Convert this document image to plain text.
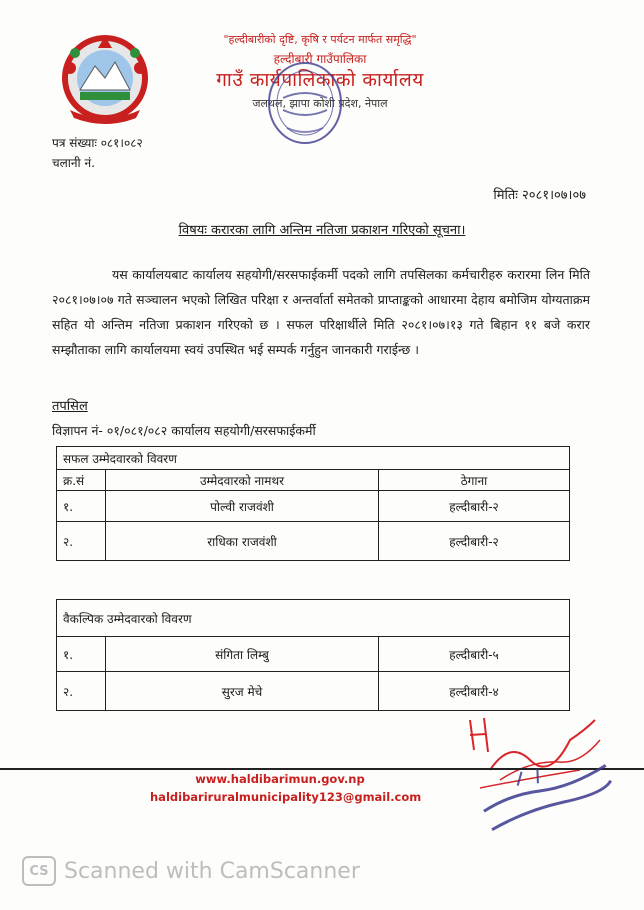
"हल्दीबारीको दृष्टि, कृषि र पर्यटन मार्फत समृद्धि"
हल्दीबारी गाउँपालिका
गाउँ कार्यपालिकाको कार्यालय
जलथल, झापा कोशी प्रदेश, नेपाल
पत्र संख्याः ०८१।०८२
चलानी नं.
मितिः २०८१।०७।०७
विषयः करारका लागि अन्तिम नतिजा प्रकाशन गरिएको सूचना।
यस कार्यालयबाट कार्यालय सहयोगी/सरसफाईकर्मी पदको लागि तपसिलका कर्मचारीहरु करारमा लिन मिति २०८१।०७।०७ गते सञ्चालन भएको लिखित परिक्षा र अन्तर्वार्ता समेतको प्राप्ताङ्कको आधारमा देहाय बमोजिम योग्यताक्रम सहित यो अन्तिम नतिजा प्रकाशन गरिएको छ । सफल परिक्षार्थीले मिति २०८१।०७।१३ गते बिहान ११ बजे करार सम्झौताका लागि कार्यालयमा स्वयं उपस्थित भई सम्पर्क गर्नुहुन जानकारी गराईन्छ ।
तपसिल
विज्ञापन नं- ०१/०८१/०८२ कार्यालय सहयोगी/सरसफाईकर्मी
सफल उम्मेदवारको विवरण		
क्र.सं	उम्मेदवारको नामथर	ठेगाना
१.	पोल्वी राजवंशी	हल्दीबारी-२
२.	राधिका राजवंशी	हल्दीबारी-२
वैकल्पिक उम्मेदवारको विवरण		
१.	संगिता लिम्बु	हल्दीबारी-५
२.	सुरज मेचे	हल्दीबारी-४
www.haldibarimun.gov.np
haldibariruralmunicipality123@gmail.com
CS Scanned with CamScanner
